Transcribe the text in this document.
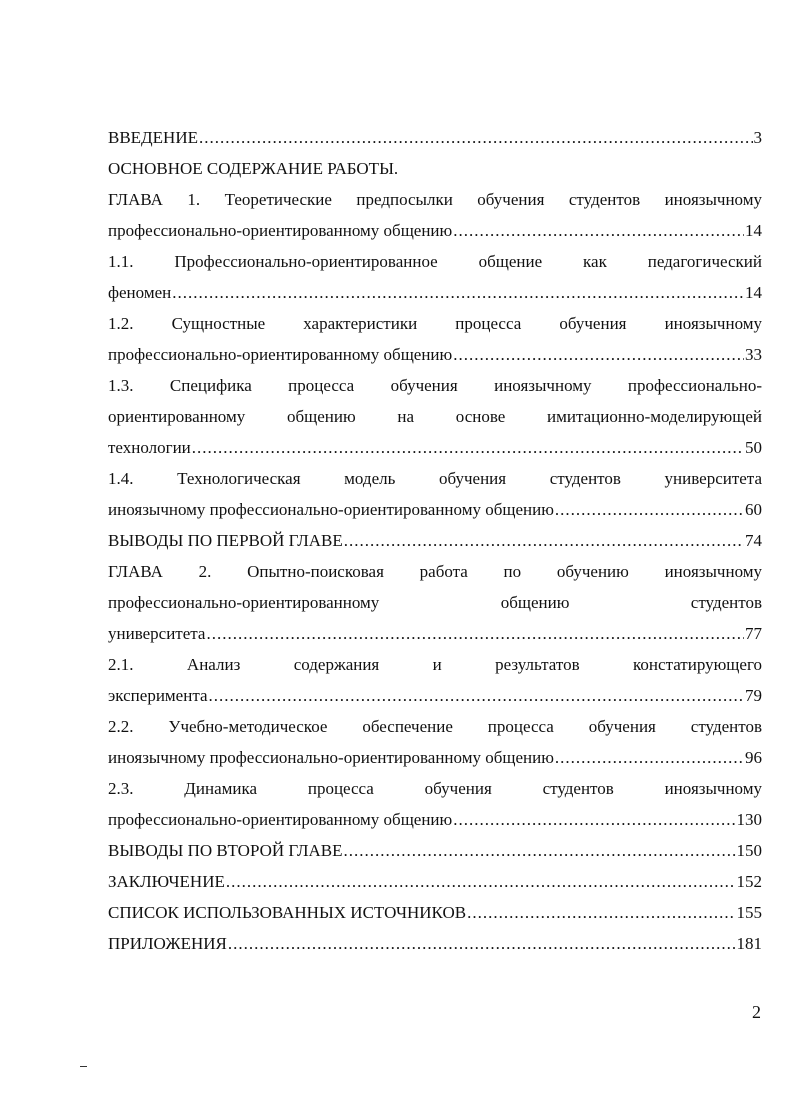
ВВЕДЕНИЕ .....	3
ОСНОВНОЕ СОДЕРЖАНИЕ РАБОТЫ.
ГЛАВА 1. Теоретические предпосылки обучения студентов иноязычному
профессионально-ориентированному общению .....	14
1.1. Профессионально-ориентированное общение как педагогический
феномен .....	14
1.2. Сущностные характеристики процесса обучения иноязычному
профессионально-ориентированному общению .....	33
1.3. Специфика процесса обучения иноязычному профессионально-
ориентированному общению на основе имитационно-моделирующей
технологии .....	50
1.4. Технологическая модель обучения студентов университета
иноязычному профессионально-ориентированному общению .....	60
ВЫВОДЫ ПО ПЕРВОЙ ГЛАВЕ .....	74
ГЛАВА 2. Опытно-поисковая работа по обучению иноязычному
профессионально-ориентированному общению студентов
университета .....	77
2.1. Анализ содержания и результатов констатирующего
эксперимента .....	79
2.2. Учебно-методическое обеспечение процесса обучения студентов
иноязычному профессионально-ориентированному общению .....	96
2.3. Динамика процесса обучения студентов иноязычному
профессионально-ориентированному общению .....	130
ВЫВОДЫ ПО ВТОРОЙ ГЛАВЕ .....	150
ЗАКЛЮЧЕНИЕ .....	152
СПИСОК ИСПОЛЬЗОВАННЫХ ИСТОЧНИКОВ .....	155
ПРИЛОЖЕНИЯ .....	181
2
